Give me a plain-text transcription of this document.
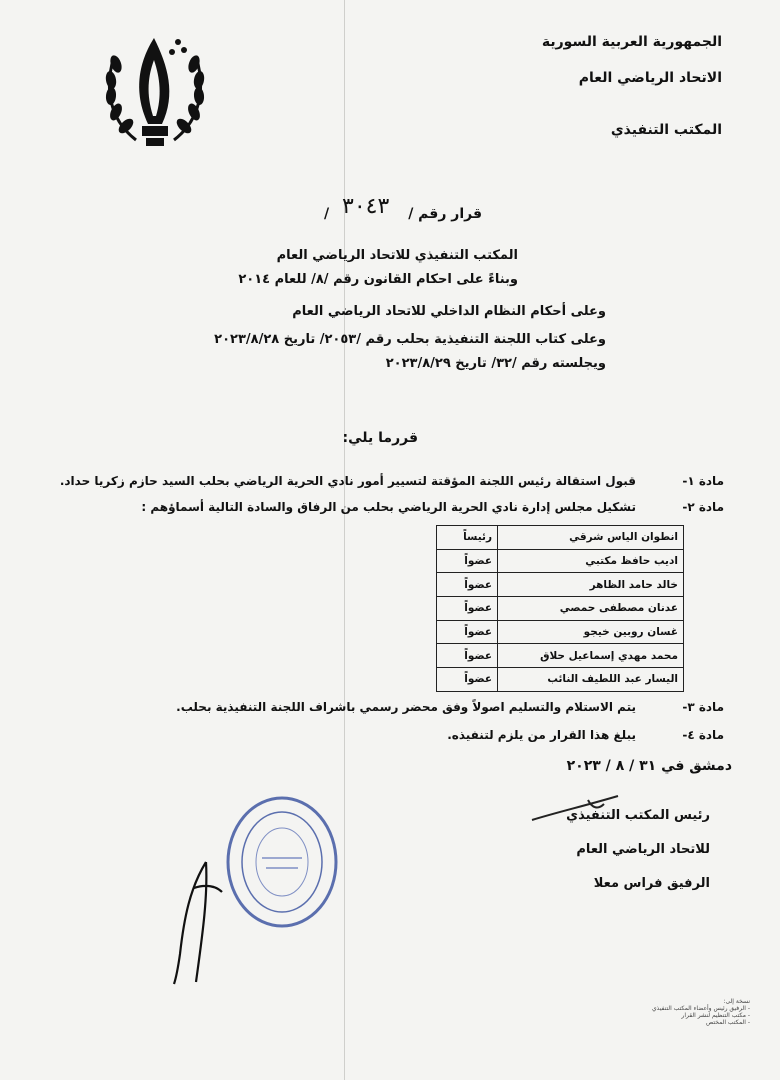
الجمهورية العربية السورية
الاتحاد الرياضي العام
المكتب التنفيذي
قرار رقم /
٣٠٤٣
/
المكتب التنفيذي للاتحاد الرياضي العام
وبناءً على احكام القانون رقم /٨/ للعام ٢٠١٤
وعلى أحكام النظام الداخلي للاتحاد الرياضي العام
وعلى كتاب اللجنة التنفيذية بحلب رقم /٢٠٥٣/ تاريخ ٢٠٢٣/٨/٢٨
ويجلسته رقم /٣٢/ تاريخ ٢٠٢٣/٨/٢٩
قررما يلي:
مادة ١-
قبول استقالة رئيس اللجنة المؤقتة لتسيير أمور نادي الحرية الرياضي بحلب السيد حازم زكريا حداد.
مادة ٢-
تشكيل مجلس إدارة نادي الحرية الرياضي بحلب من الرفاق والسادة التالية أسماؤهم :
انطوان الياس شرقي	رئيساً
اديب حافظ مكتبي	عضواً
خالد حامد الظاهر	عضواً
عدنان مصطفى حمصي	عضواً
غسان روبين خيجو	عضواً
محمد مهدي إسماعيل حلاق	عضواً
اليسار عبد اللطيف النائب	عضواً
مادة ٣-
يتم الاستلام والتسليم اصولاً وفق محضر رسمي باشراف اللجنة التنفيذية بحلب.
مادة ٤-
يبلغ هذا القرار من يلزم لتنفيذه.
دمشق في ٣١ / ٨ / ٢٠٢٣
رئيس المكتب التنفيذي
للاتحاد الرياضي العام
الرفيق فراس معلا
نسخة إلى:
- الرفيق رئيس وأعضاء المكتب التنفيذي
- مكتب التنظيم لنشر القرار
- المكتب المختص
